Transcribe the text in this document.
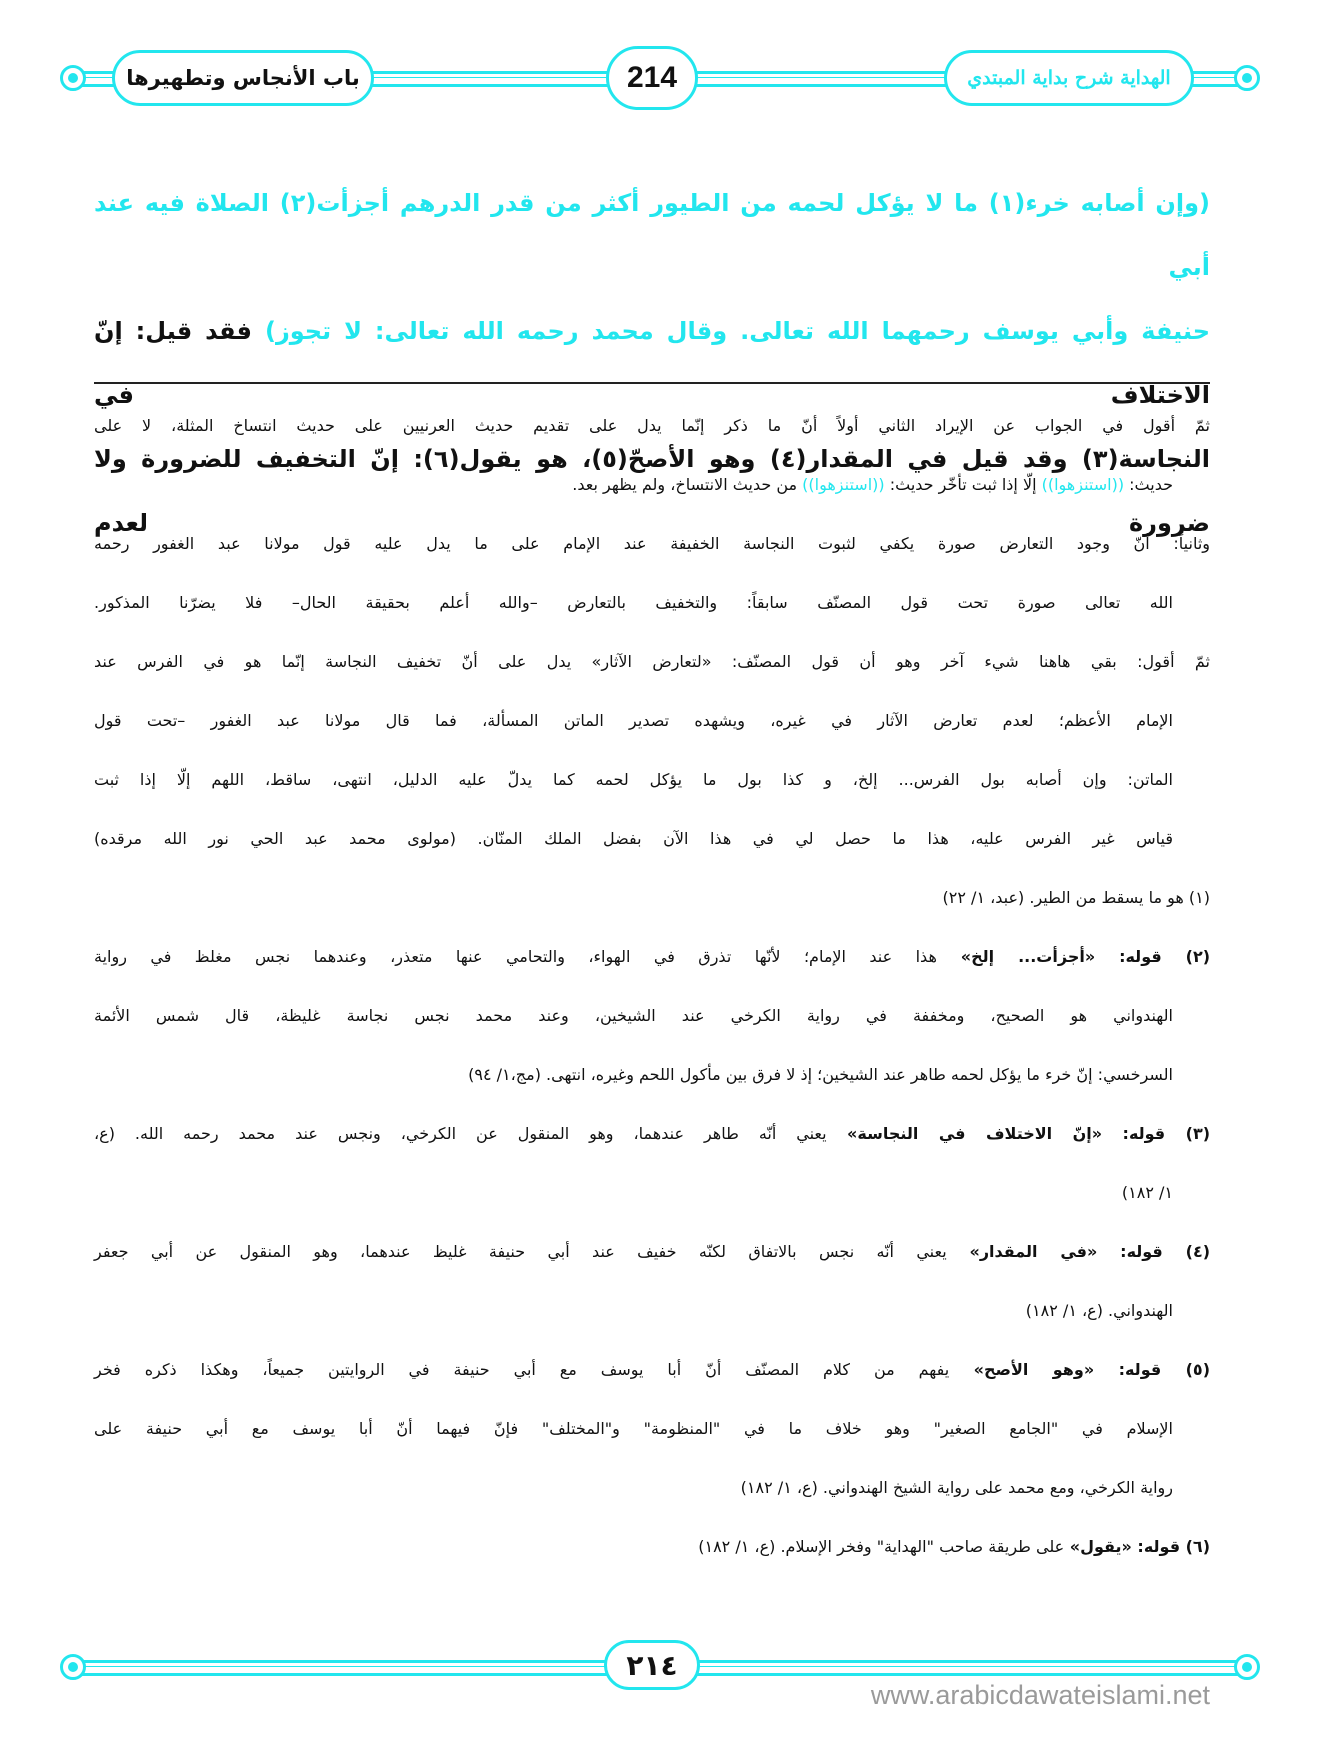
باب الأنجاس وتطهيرها	214	الهداية شرح بداية المبتدي
(وإن أصابه خرء(١) ما لا يؤكل لحمه من الطيور أكثر من قدر الدرهم أجزأت(٢) الصلاة فيه عند أبي
حنيفة وأبي يوسف رحمهما الله تعالى. وقال محمد رحمه الله تعالى: لا تجوز) فقد قيل: إنّ الاختلاف في
النجاسة(٣) وقد قيل في المقدار(٤) وهو الأصحّ(٥)، هو يقول(٦): إنّ التخفيف للضرورة ولا ضرورة لعدم
ثمّ أقول في الجواب عن الإيراد الثاني أولاً أنّ ما ذكر إنّما يدل على تقديم حديث العرنيين على حديث انتساخ المثلة، لا على
حديث: ((استنزهوا)) إلّا إذا ثبت تأخّر حديث: ((استنزهوا)) من حديث الانتساخ، ولم يظهر بعد.
وثانياً: أنّ وجود التعارض صورة يكفي لثبوت النجاسة الخفيفة عند الإمام على ما يدل عليه قول مولانا عبد الغفور رحمه
الله تعالى صورة تحت قول المصنّف سابقاً: والتخفيف بالتعارض –والله أعلم بحقيقة الحال– فلا يضرّنا المذكور.
ثمّ أقول: بقي هاهنا شيء آخر وهو أن قول المصنّف: «لتعارض الآثار» يدل على أنّ تخفيف النجاسة إنّما هو في الفرس عند
الإمام الأعظم؛ لعدم تعارض الآثار في غيره، ويشهده تصدير الماتن المسألة، فما قال مولانا عبد الغفور –تحت قول
الماتن: وإن أصابه بول الفرس... إلخ، و كذا بول ما يؤكل لحمه كما يدلّ عليه الدليل، انتهى، ساقط، اللهم إلّا إذا ثبت
قياس غير الفرس عليه، هذا ما حصل لي في هذا الآن بفضل الملك المنّان. (مولوى محمد عبد الحي نور الله مرقده)
(١) هو ما يسقط من الطير. (عبد، ١/ ٢٢)
(٢) قوله: «أجزأت... إلخ» هذا عند الإمام؛ لأنّها تذرق في الهواء، والتحامي عنها متعذر، وعندهما نجس مغلظ في رواية
الهندواني هو الصحيح، ومخففة في رواية الكرخي عند الشيخين، وعند محمد نجس نجاسة غليظة، قال شمس الأئمة
السرخسي: إنّ خرء ما يؤكل لحمه طاهر عند الشيخين؛ إذ لا فرق بين مأكول اللحم وغيره، انتهى. (مج،١/ ٩٤)
(٣) قوله: «إنّ الاختلاف في النجاسة» يعني أنّه طاهر عندهما، وهو المنقول عن الكرخي، ونجس عند محمد رحمه الله. (ع،
١/ ١٨٢)
(٤) قوله: «في المقدار» يعني أنّه نجس بالاتفاق لكنّه خفيف عند أبي حنيفة غليظ عندهما، وهو المنقول عن أبي جعفر
الهندواني. (ع، ١/ ١٨٢)
(٥) قوله: «وهو الأصح» يفهم من كلام المصنّف أنّ أبا يوسف مع أبي حنيفة في الروايتين جميعاً، وهكذا ذكره فخر
الإسلام في "الجامع الصغير" وهو خلاف ما في "المنظومة" و"المختلف" فإنّ فيهما أنّ أبا يوسف مع أبي حنيفة على
رواية الكرخي، ومع محمد على رواية الشيخ الهندواني. (ع، ١/ ١٨٢)
(٦) قوله: «يقول» على طريقة صاحب "الهداية" وفخر الإسلام. (ع، ١/ ١٨٢)
٢١٤
www.arabicdawateislami.net
